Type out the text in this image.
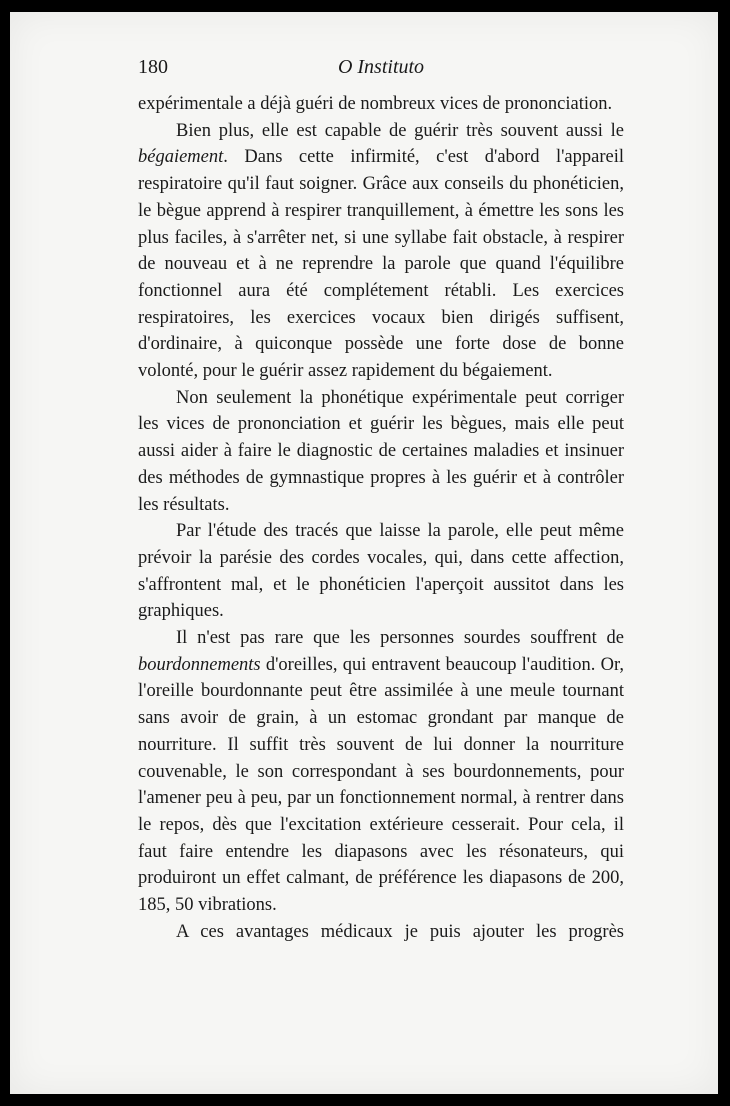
180	O Instituto

expérimentale a déjà guéri de nombreux vices de prononciation.

Bien plus, elle est capable de guérir très souvent aussi le bégaiement. Dans cette infirmité, c'est d'abord l'appareil respiratoire qu'il faut soigner. Grâce aux conseils du phonéticien, le bègue apprend à respirer tranquillement, à émettre les sons les plus faciles, à s'arrêter net, si une syllabe fait obstacle, à respirer de nouveau et à ne reprendre la parole que quand l'équilibre fonctionnel aura été complétement rétabli. Les exercices respiratoires, les exercices vocaux bien dirigés suffisent, d'ordinaire, à quiconque possède une forte dose de bonne volonté, pour le guérir assez rapidement du bégaiement.

Non seulement la phonétique expérimentale peut corriger les vices de prononciation et guérir les bègues, mais elle peut aussi aider à faire le diagnostic de certaines maladies et insinuer des méthodes de gymnastique propres à les guérir et à contrôler les résultats.

Par l'étude des tracés que laisse la parole, elle peut même prévoir la parésie des cordes vocales, qui, dans cette affection, s'affrontent mal, et le phonéticien l'aperçoit aussitot dans les graphiques.

Il n'est pas rare que les personnes sourdes souffrent de bourdonnements d'oreilles, qui entravent beaucoup l'audition. Or, l'oreille bourdonnante peut être assimilée à une meule tournant sans avoir de grain, à un estomac grondant par manque de nourriture. Il suffit très souvent de lui donner la nourriture couvenable, le son correspondant à ses bourdonnements, pour l'amener peu à peu, par un fonctionnement normal, à rentrer dans le repos, dès que l'excitation extérieure cesserait. Pour cela, il faut faire entendre les diapasons avec les résonateurs, qui produiront un effet calmant, de préférence les diapasons de 200, 185, 50 vibrations.

A ces avantages médicaux je puis ajouter les progrès
